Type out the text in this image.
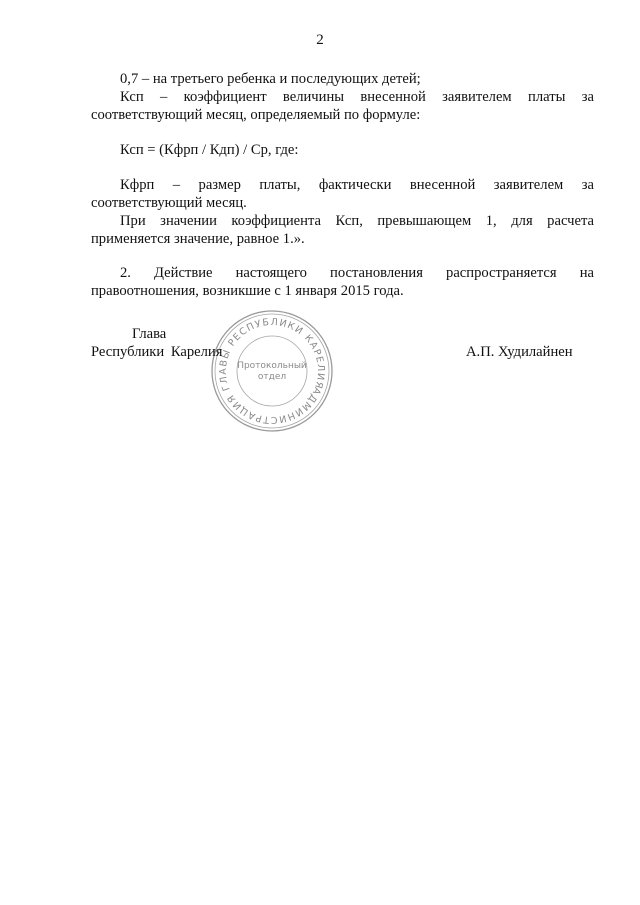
2
0,7 – на третьего ребенка и последующих детей;
Ксп – коэффициент величины внесенной заявителем платы за
соответствующий месяц, определяемый по формуле:
Ксп = (Кфрп / Кдп) / Ср, где:
Кфрп – размер платы, фактически внесенной заявителем за
соответствующий месяц.
При значении коэффициента Ксп, превышающем 1, для расчета
применяется значение, равное 1.».
2. Действие настоящего постановления распространяется на
правоотношения, возникшие с 1 января 2015 года.
АДМИНИСТРАЦИЯ ГЛАВЫ РЕСПУБЛИКИ КАРЕЛИЯ
Протокольный
отдел
Глава
Республики Карелия	А.П. Худилайнен
